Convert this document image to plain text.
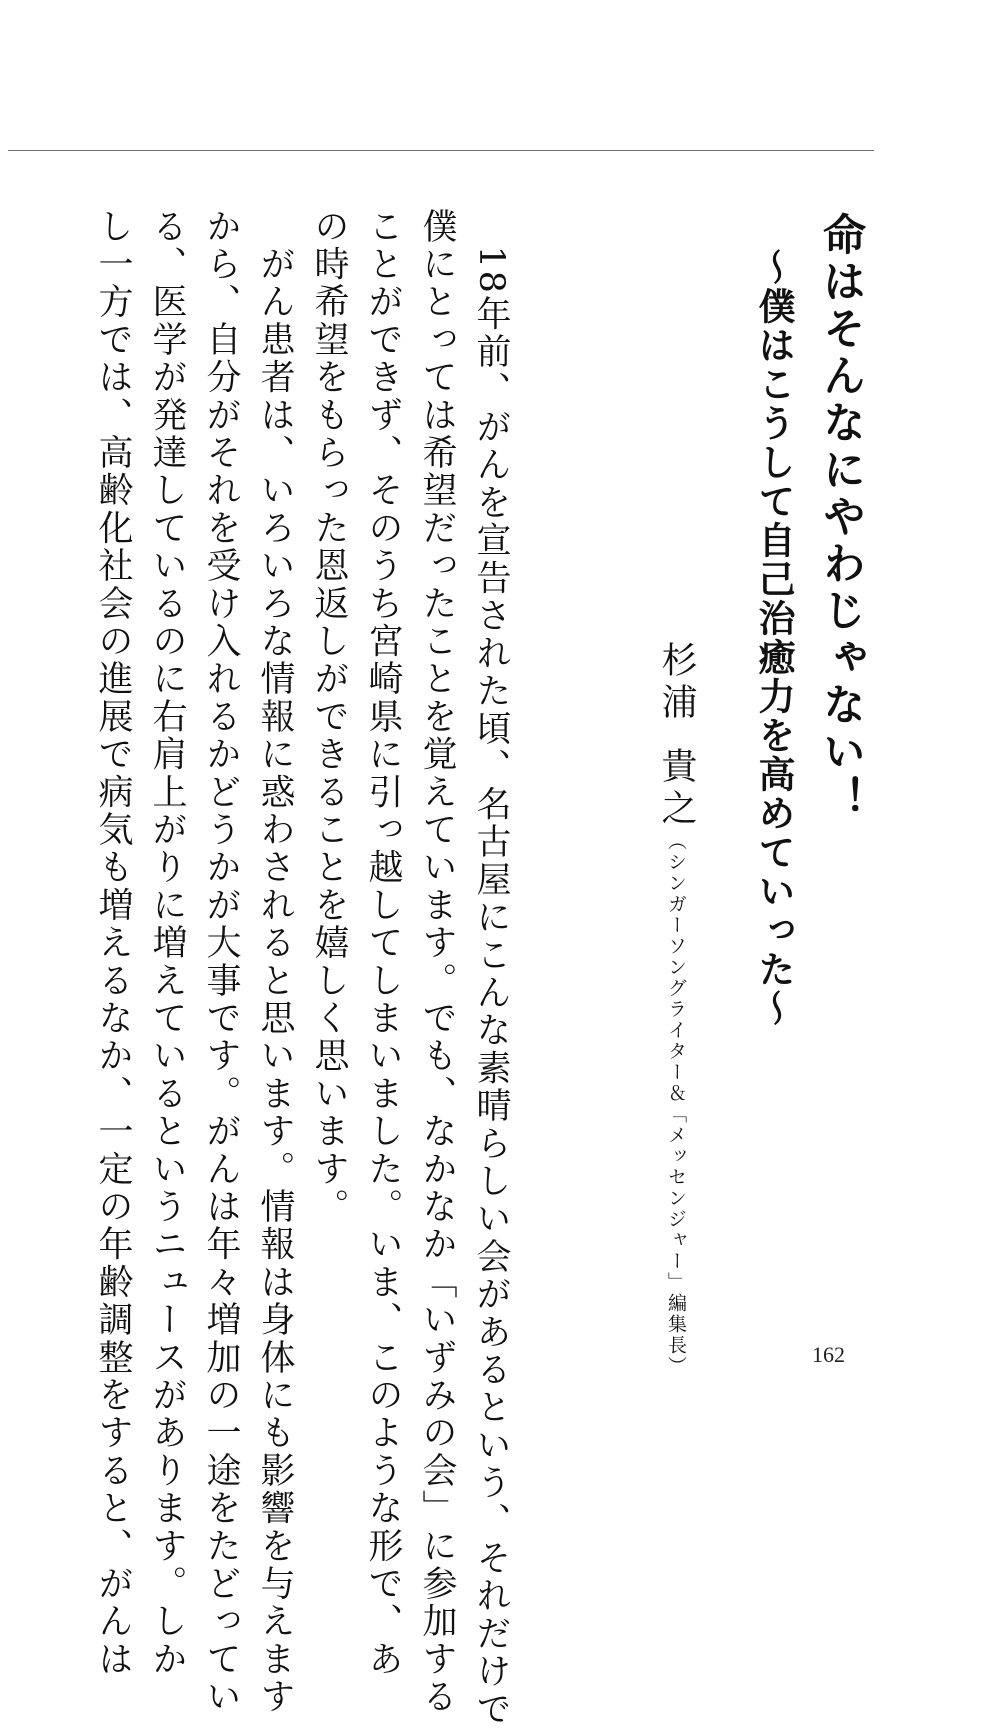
命はそんなにやわじゃない！
〜僕はこうして自己治癒力を高めていった〜
杉浦貴之（シンガーソングライター＆「メッセンジャー」編集長）
　18年前、がんを宣告された頃、名古屋にこんな素晴らしい会があるという、それだけで
僕にとっては希望だったことを覚えています。でも、なかなか「いずみの会」に参加する
ことができず、そのうち宮崎県に引っ越してしまいました。いま、このような形で、あ
の時希望をもらった恩返しができることを嬉しく思います。
　がん患者は、いろいろな情報に惑わされると思います。情報は身体にも影響を与えます
から、自分がそれを受け入れるかどうかが大事です。がんは年々増加の一途をたどってい
る、医学が発達しているのに右肩上がりに増えているというニュースがあります。しか
し一方では、高齢化社会の進展で病気も増えるなか、一定の年齢調整をすると、がんは	162
